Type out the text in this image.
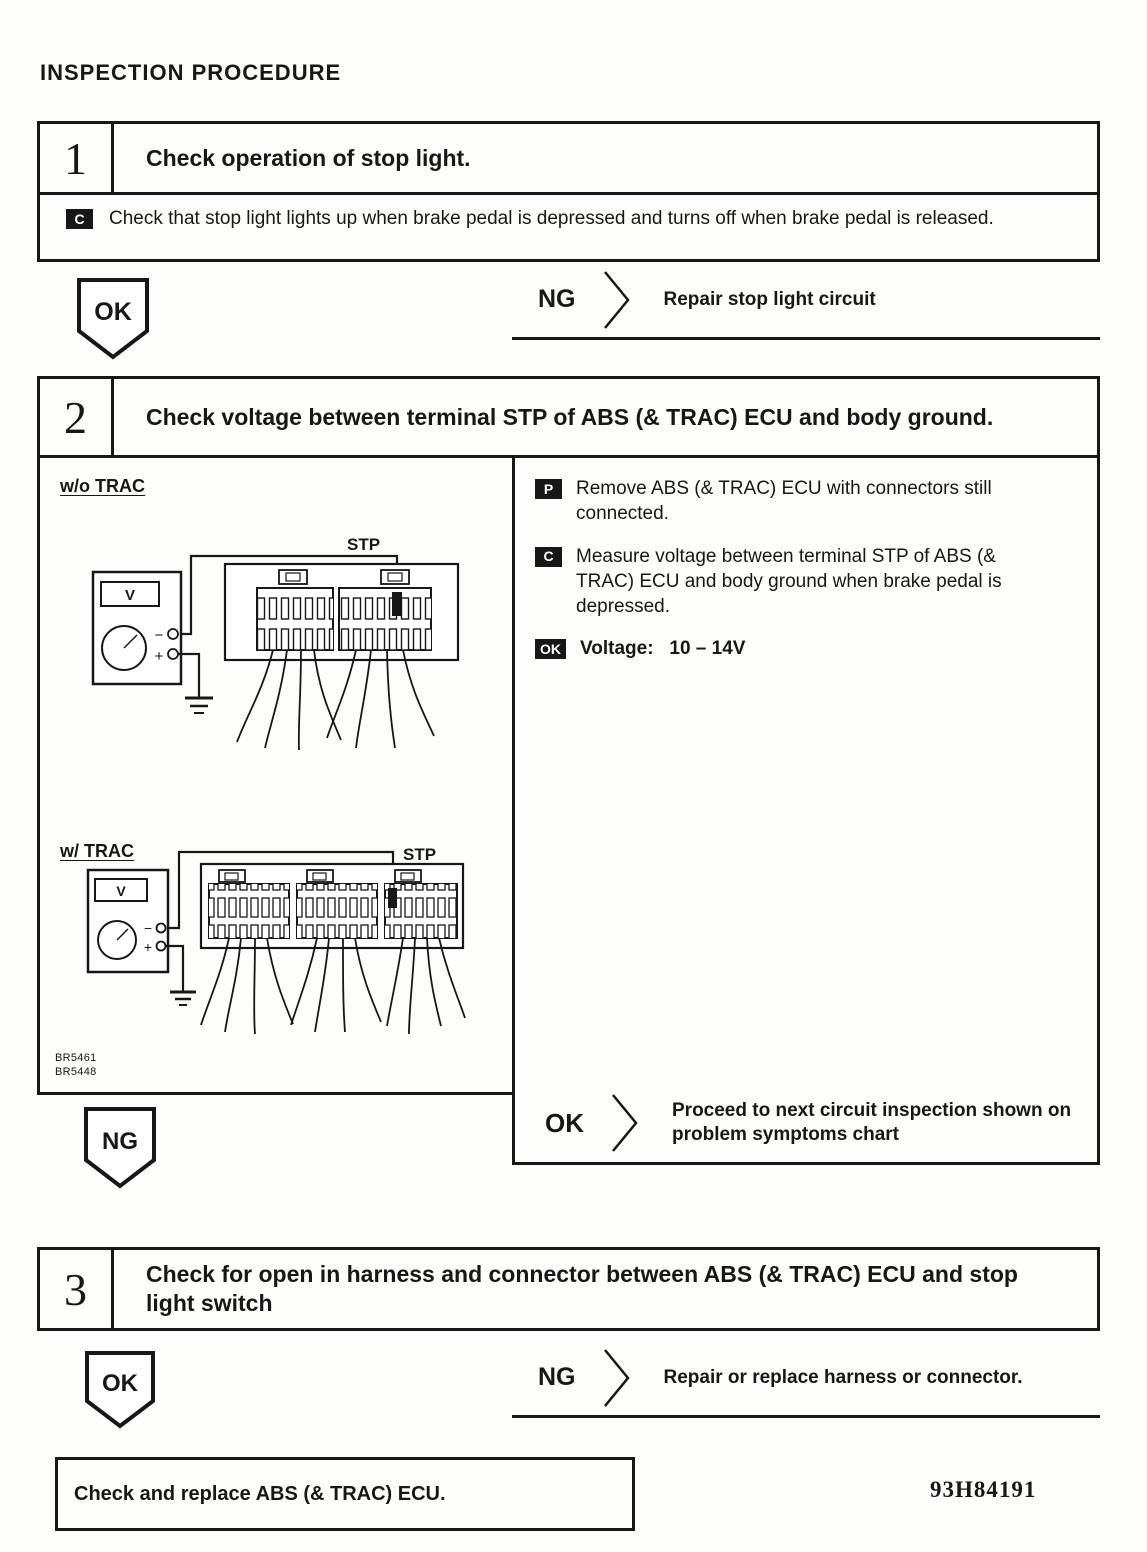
INSPECTION PROCEDURE
1	Check operation of stop light.
C	Check that stop light lights up when brake pedal is depressed and turns off when brake pedal is released.
OK	NG	Repair stop light circuit
2	Check voltage between terminal STP of ABS (& TRAC) ECU and body ground.
w/o TRAC
STP
V
−
+
w/ TRAC	STP
V
−
+
BR5461
BR5448
P	Remove ABS (& TRAC) ECU with connectors still connected.
C	Measure voltage between terminal STP of ABS (& TRAC) ECU and body ground when brake pedal is depressed.
OK Voltage:   10 – 14V
OK	Proceed to next circuit inspection shown on problem symptoms chart
NG
3	Check for open in harness and connector between ABS (& TRAC) ECU and stop light switch
OK	NG	Repair or replace harness or connector.
Check and replace ABS (& TRAC) ECU.	93H84191
